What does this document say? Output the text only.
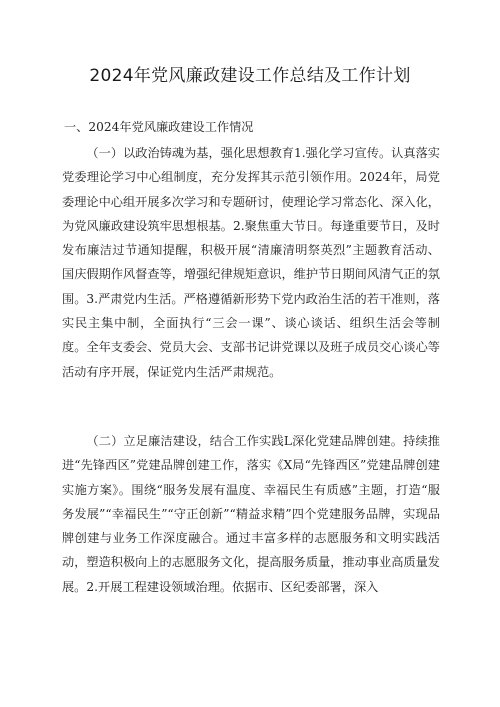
2024年党风廉政建设工作总结及工作计划
一、2024年党风廉政建设工作情况

（一）以政治铸魂为基，强化思想教育1.强化学习宣传。认真落实党委理论学习中心组制度，充分发挥其示范引领作用。2024年，局党委理论中心组开展多次学习和专题研讨，使理论学习常态化、深入化，为党风廉政建设筑牢思想根基。2.聚焦重大节日。每逢重要节日，及时发布廉洁过节通知提醒，积极开展“清廉清明祭英烈”主题教育活动、国庆假期作风督查等，增强纪律规矩意识，维护节日期间风清气正的氛围。3.严肃党内生活。严格遵循新形势下党内政治生活的若干准则，落实民主集中制，全面执行“三会一课”、谈心谈话、组织生活会等制度。全年支委会、党员大会、支部书记讲党课以及班子成员交心谈心等活动有序开展，保证党内生活严肃规范。

（二）立足廉洁建设，结合工作实践L深化党建品牌创建。持续推进“先锋西区”党建品牌创建工作，落实《X局“先锋西区”党建品牌创建实施方案》。围绕“服务发展有温度、幸福民生有质感”主题，打造“服务发展”“幸福民生”“守正创新”“精益求精”四个党建服务品牌，实现品牌创建与业务工作深度融合。通过丰富多样的志愿服务和文明实践活动，塑造积极向上的志愿服务文化，提高服务质量，推动事业高质量发展。2.开展工程建设领域治理。依据市、区纪委部署，深入
